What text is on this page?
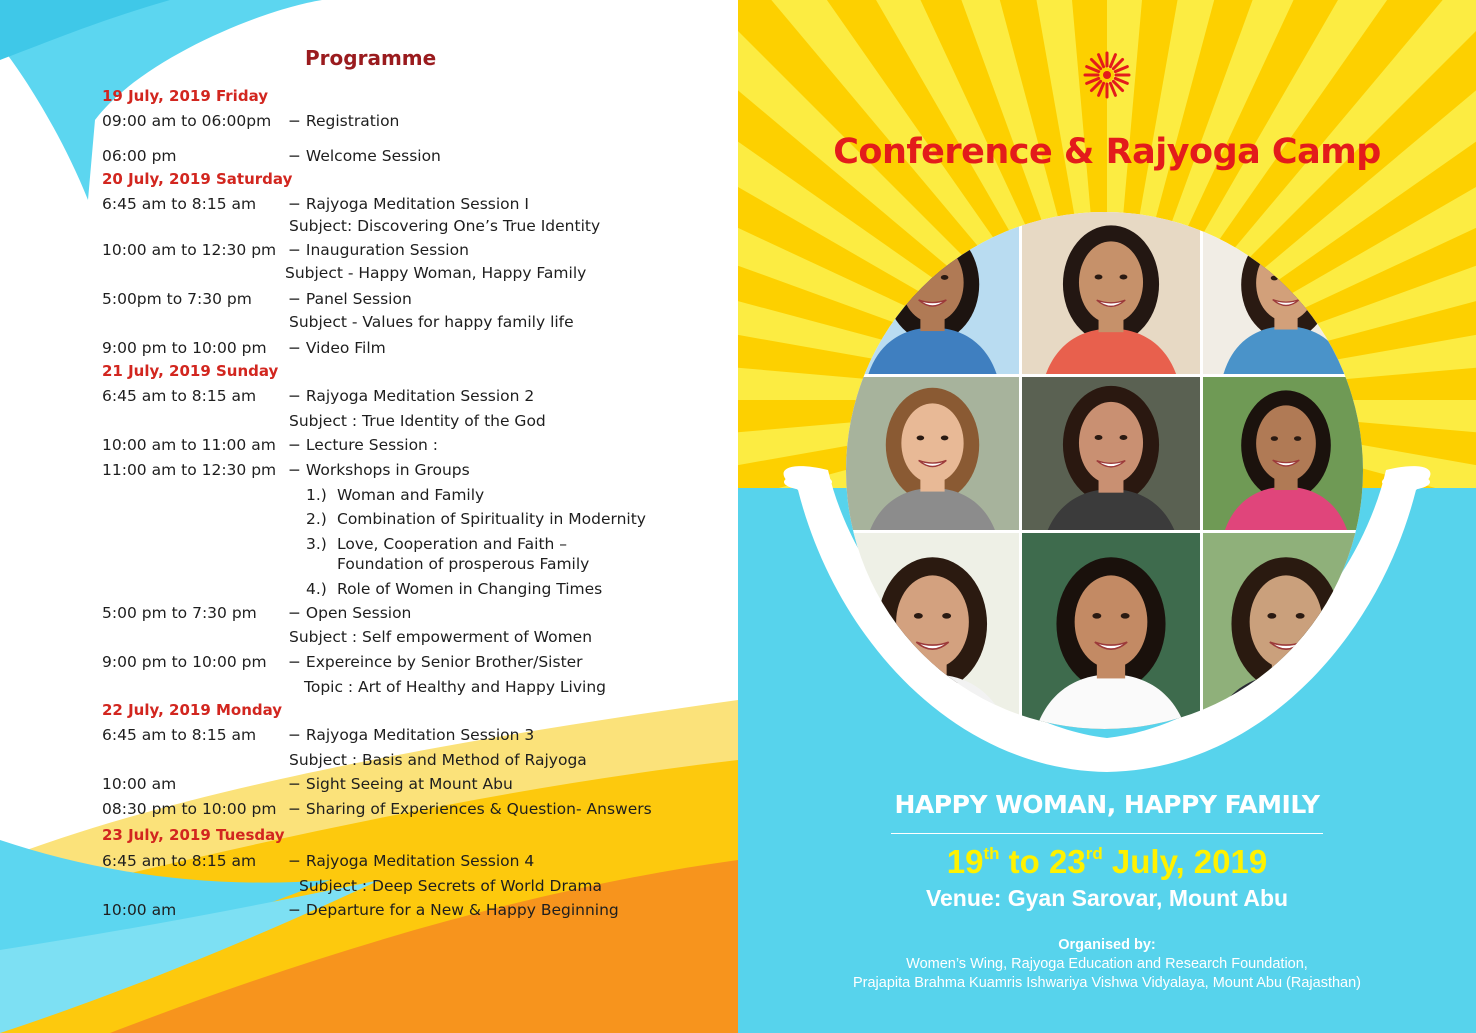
Programme
19 July, 2019 Friday
09:00 am to 06:00pm − Registration
06:00 pm	− Welcome Session
20 July, 2019 Saturday
6:45 am to 8:15 am − Rajyoga Meditation Session I
Subject: Discovering One’s True Identity
10:00 am to 12:30 pm − Inauguration Session
Subject - Happy Woman, Happy Family
5:00pm to 7:30 pm − Panel Session
Subject - Values for happy family life
9:00 pm to 10:00 pm − Video Film
21 July, 2019 Sunday
6:45 am to 8:15 am − Rajyoga Meditation Session 2
Subject : True Identity of the God
10:00 am to 11:00 am − Lecture Session :
11:00 am to 12:30 pm − Workshops in Groups
1.) Woman and Family
2.) Combination of Spirituality in Modernity
3.) Love, Cooperation and Faith –
Foundation of prosperous Family
4.) Role of Women in Changing Times
5:00 pm to 7:30 pm − Open Session
Subject : Self empowerment of Women
9:00 pm to 10:00 pm − Expereince by Senior Brother/Sister
Topic : Art of Healthy and Happy Living
22 July, 2019 Monday
6:45 am to 8:15 am − Rajyoga Meditation Session 3
Subject : Basis and Method of Rajyoga
10:00 am	− Sight Seeing at Mount Abu
08:30 pm to 10:00 pm − Sharing of Experiences & Question- Answers
23 July, 2019 Tuesday
6:45 am to 8:15 am − Rajyoga Meditation Session 4
Subject : Deep Secrets of World Drama
10:00 am	− Departure for a New & Happy Beginning
Conference & Rajyoga Camp
HAPPY WOMAN, HAPPY FAMILY
19th to 23rd July, 2019
Venue: Gyan Sarovar, Mount Abu
Organised by:
Women’s Wing, Rajyoga Education and Research Foundation,
Prajapita Brahma Kuamris Ishwariya Vishwa Vidyalaya, Mount Abu (Rajasthan)
